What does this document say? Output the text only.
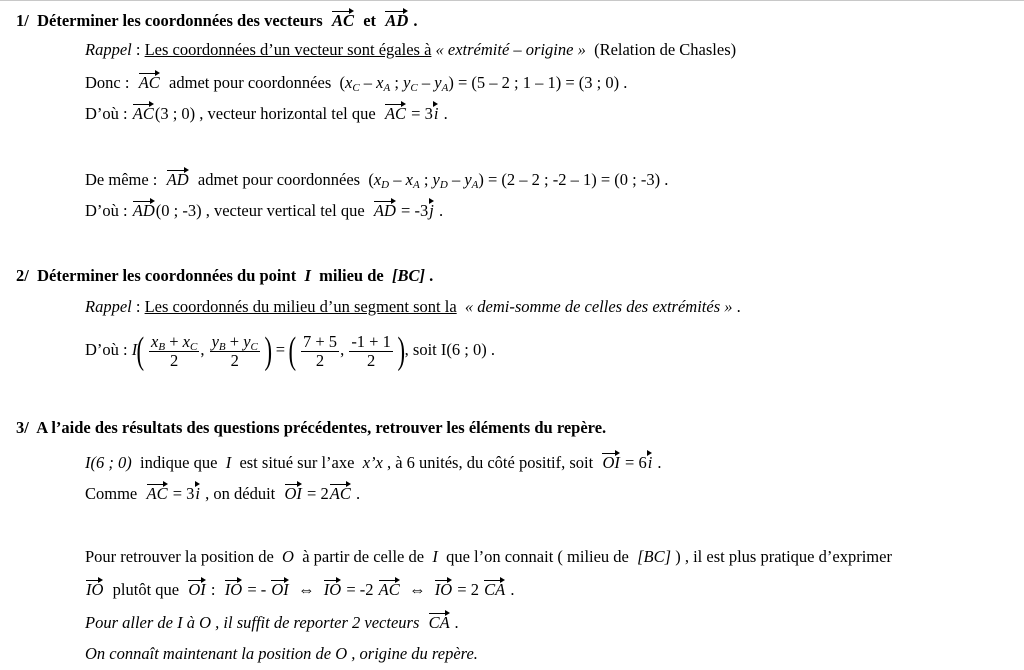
1/ Déterminer les coordonnées des vecteurs AC et AD .
Rappel : Les coordonnées d’un vecteur sont égales à « extrémité – origine » (Relation de Chasles)
Donc : AC admet pour coordonnées  ($x_C - x_A$ ; $y_C - y_A) = (5 - 2$ ; 1 – 1) = (3 ; 0) .
D’où : AC(3 ; 0) , vecteur horizontal tel que AC = 3i .
De même : AD admet pour coordonnées  ($x_D - x_A$ ; $y_D - y_A) = (2 - 2$ ; -2 – 1) = (0 ; -3) .
D’où : AD(0 ; -3) , vecteur vertical tel que AD = -3j .
2/ Déterminer les coordonnées du point I milieu de [BC] .
Rappel : Les coordonnés du milieu d’un segment sont la « demi-somme de celles des extrémités » .
D’où : $I( \frac{x_B + x_C}{2}$ , $\frac{y_B + y_C}{2}$ ) = ( $\frac{7 + 5}{2}$ , $\frac{-1 + 1}{2}$ ), soit I(6 ; 0) .
3/ A l’aide des résultats des questions précédentes, retrouver les éléments du repère.
I(6 ; 0) indique que I est situé sur l’axe x’x , à 6 unités, du côté positif, soit OI = 6i .
Comme AC = 3i , on déduit OI = 2AC .
Pour retrouver la position de O à partir de celle de I que l’on connait ( milieu de [BC] ) , il est plus pratique d’exprimer
IO plutôt que OI : IO = - OI ⇔ IO = -2 AC ⇔ IO = 2 CA .
Pour aller de I à O , il suffit de reporter 2 vecteurs CA .
On connaît maintenant la position de O , origine du repère.
